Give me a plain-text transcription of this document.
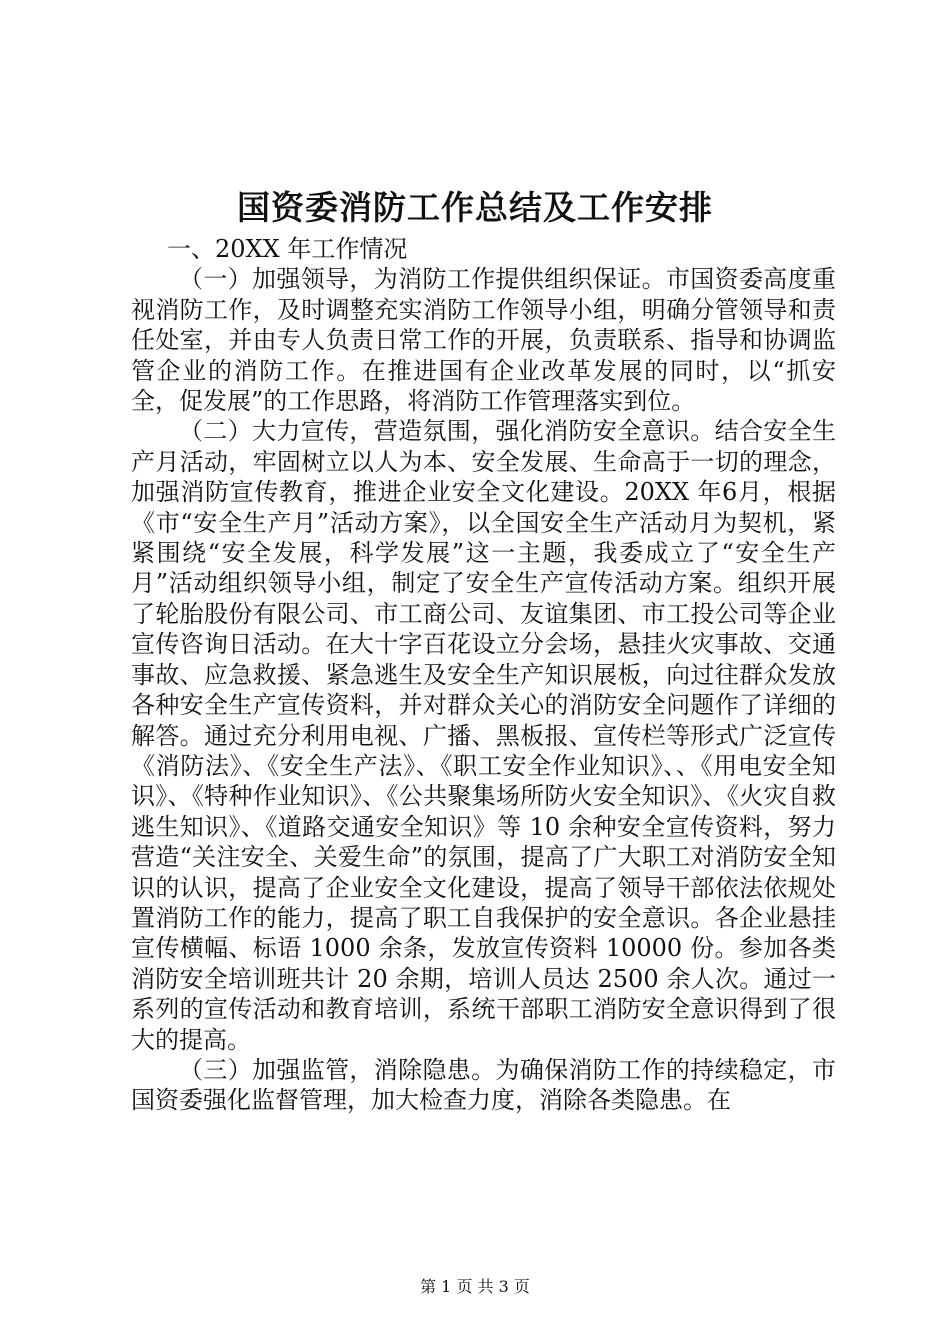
国资委消防工作总结及工作安排

一、20XX 年工作情况

（一）加强领导，为消防工作提供组织保证。市国资委高度重视消防工作，及时调整充实消防工作领导小组，明确分管领导和责任处室，并由专人负责日常工作的开展，负责联系、指导和协调监管企业的消防工作。在推进国有企业改革发展的同时，以“抓安全，促发展”的工作思路，将消防工作管理落实到位。

（二）大力宣传，营造氛围，强化消防安全意识。结合安全生产月活动，牢固树立以人为本、安全发展、生命高于一切的理念，加强消防宣传教育，推进企业安全文化建设。20XX 年6月，根据《市“安全生产月”活动方案》，以全国安全生产活动月为契机，紧紧围绕“安全发展，科学发展”这一主题，我委成立了“安全生产月”活动组织领导小组，制定了安全生产宣传活动方案。组织开展了轮胎股份有限公司、市工商公司、友谊集团、市工投公司等企业宣传咨询日活动。在大十字百花设立分会场，悬挂火灾事故、交通事故、应急救援、紧急逃生及安全生产知识展板，向过往群众发放各种安全生产宣传资料，并对群众关心的消防安全问题作了详细的解答。通过充分利用电视、广播、黑板报、宣传栏等形式广泛宣传《消防法》、《安全生产法》、《职工安全作业知识》、、《用电安全知识》、《特种作业知识》、《公共聚集场所防火安全知识》、《火灾自救逃生知识》、《道路交通安全知识》等 10 余种安全宣传资料，努力营造“关注安全、关爱生命”的氛围，提高了广大职工对消防安全知识的认识，提高了企业安全文化建设，提高了领导干部依法依规处置消防工作的能力，提高了职工自我保护的安全意识。各企业悬挂宣传横幅、标语 1000 余条，发放宣传资料 10000 份。参加各类消防安全培训班共计 20 余期，培训人员达 2500 余人次。通过一系列的宣传活动和教育培训，系统干部职工消防安全意识得到了很大的提高。

（三）加强监管，消除隐患。为确保消防工作的持续稳定，市国资委强化监督管理，加大检查力度，消除各类隐患。在

第 1 页 共 3 页
